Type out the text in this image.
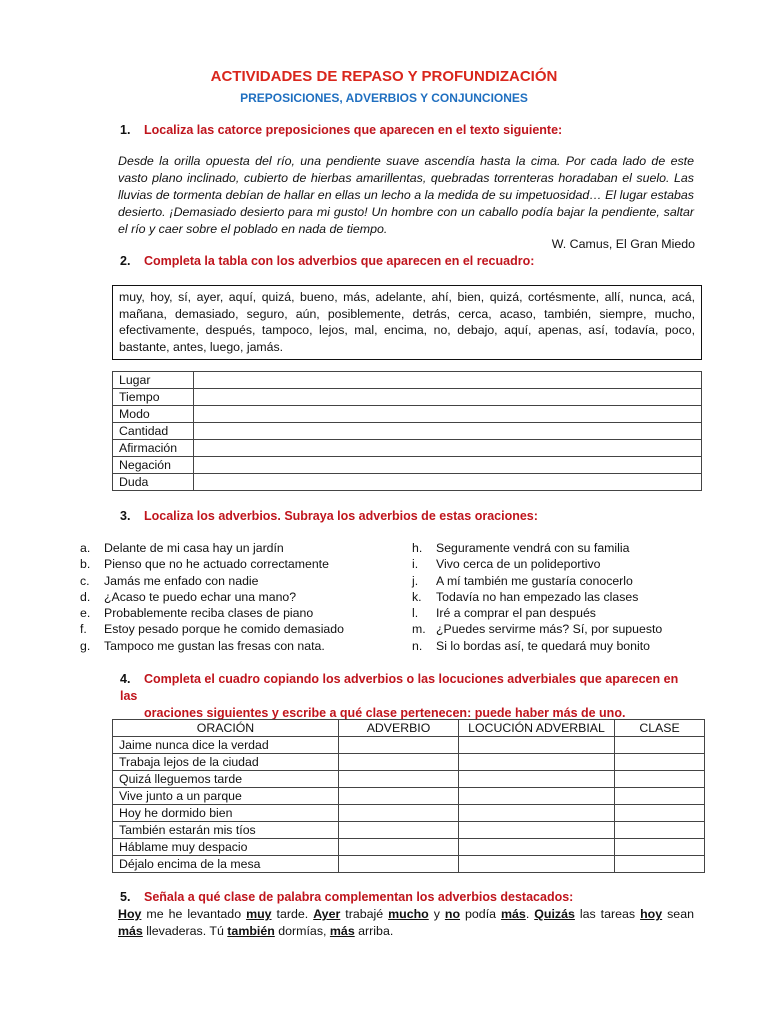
ACTIVIDADES DE REPASO Y PROFUNDIZACIÓN
PREPOSICIONES, ADVERBIOS Y CONJUNCIONES
1. Localiza las catorce preposiciones que aparecen en el texto siguiente:

Desde la orilla opuesta del río, una pendiente suave ascendía hasta la cima. Por cada lado de este vasto plano inclinado, cubierto de hierbas amarillentas, quebradas torrenteras horadaban el suelo. Las lluvias de tormenta debían de hallar en ellas un lecho a la medida de su impetuosidad… El lugar estabas desierto. ¡Demasiado desierto para mi gusto! Un hombre con un caballo podía bajar la pendiente, saltar el río y caer sobre el poblado en nada de tiempo.

W. Camus, El Gran Miedo
2. Completa la tabla con los adverbios que aparecen en el recuadro:
muy, hoy, sí, ayer, aquí, quizá, bueno, más, adelante, ahí, bien, quizá, cortésmente, allí, nunca, acá, mañana, demasiado, seguro, aún, posiblemente, detrás, cerca, acaso, también, siempre, mucho, efectivamente, después, tampoco, lejos, mal, encima, no, debajo, aquí, apenas, así, todavía, poco, bastante, antes, luego, jamás.
Lugar	
Tiempo	
Modo	
Cantidad	
Afirmación	
Negación	
Duda	
3. Localiza los adverbios. Subraya los adverbios de estas oraciones:
a.	Delante de mi casa hay un jardín
b.	Pienso que no he actuado correctamente
c.	Jamás me enfado con nadie
d.	¿Acaso te puedo echar una mano?
e.	Probablemente reciba clases de piano
f.	Estoy pesado porque he comido demasiado
g.	Tampoco me gustan las fresas con nata.
h.	Seguramente vendrá con su familia
i.	Vivo cerca de un polideportivo
j.	A mí también me gustaría conocerlo
k.	Todavía no han empezado las clases
l.	Iré a comprar el pan después
m. ¿Puedes servirme más? Sí, por supuesto
n.	Si lo bordas así, te quedará muy bonito
4. Completa el cuadro copiando los adverbios o las locuciones adverbiales que aparecen en las
oraciones siguientes y escribe a qué clase pertenecen: puede haber más de uno.
ORACIÓN	ADVERBIO	LOCUCIÓN ADVERBIAL	CLASE
Jaime nunca dice la verdad			
Trabaja lejos de la ciudad			
Quizá lleguemos tarde			
Vive junto a un parque			
Hoy he dormido bien			
También estarán mis tíos			
Háblame muy despacio			
Déjalo encima de la mesa			
5. Señala a qué clase de palabra complementan los adverbios destacados:
Hoy me he levantado muy tarde. Ayer trabajé mucho y no podía más. Quizás las tareas hoy sean más llevaderas. Tú también dormías, más arriba.
